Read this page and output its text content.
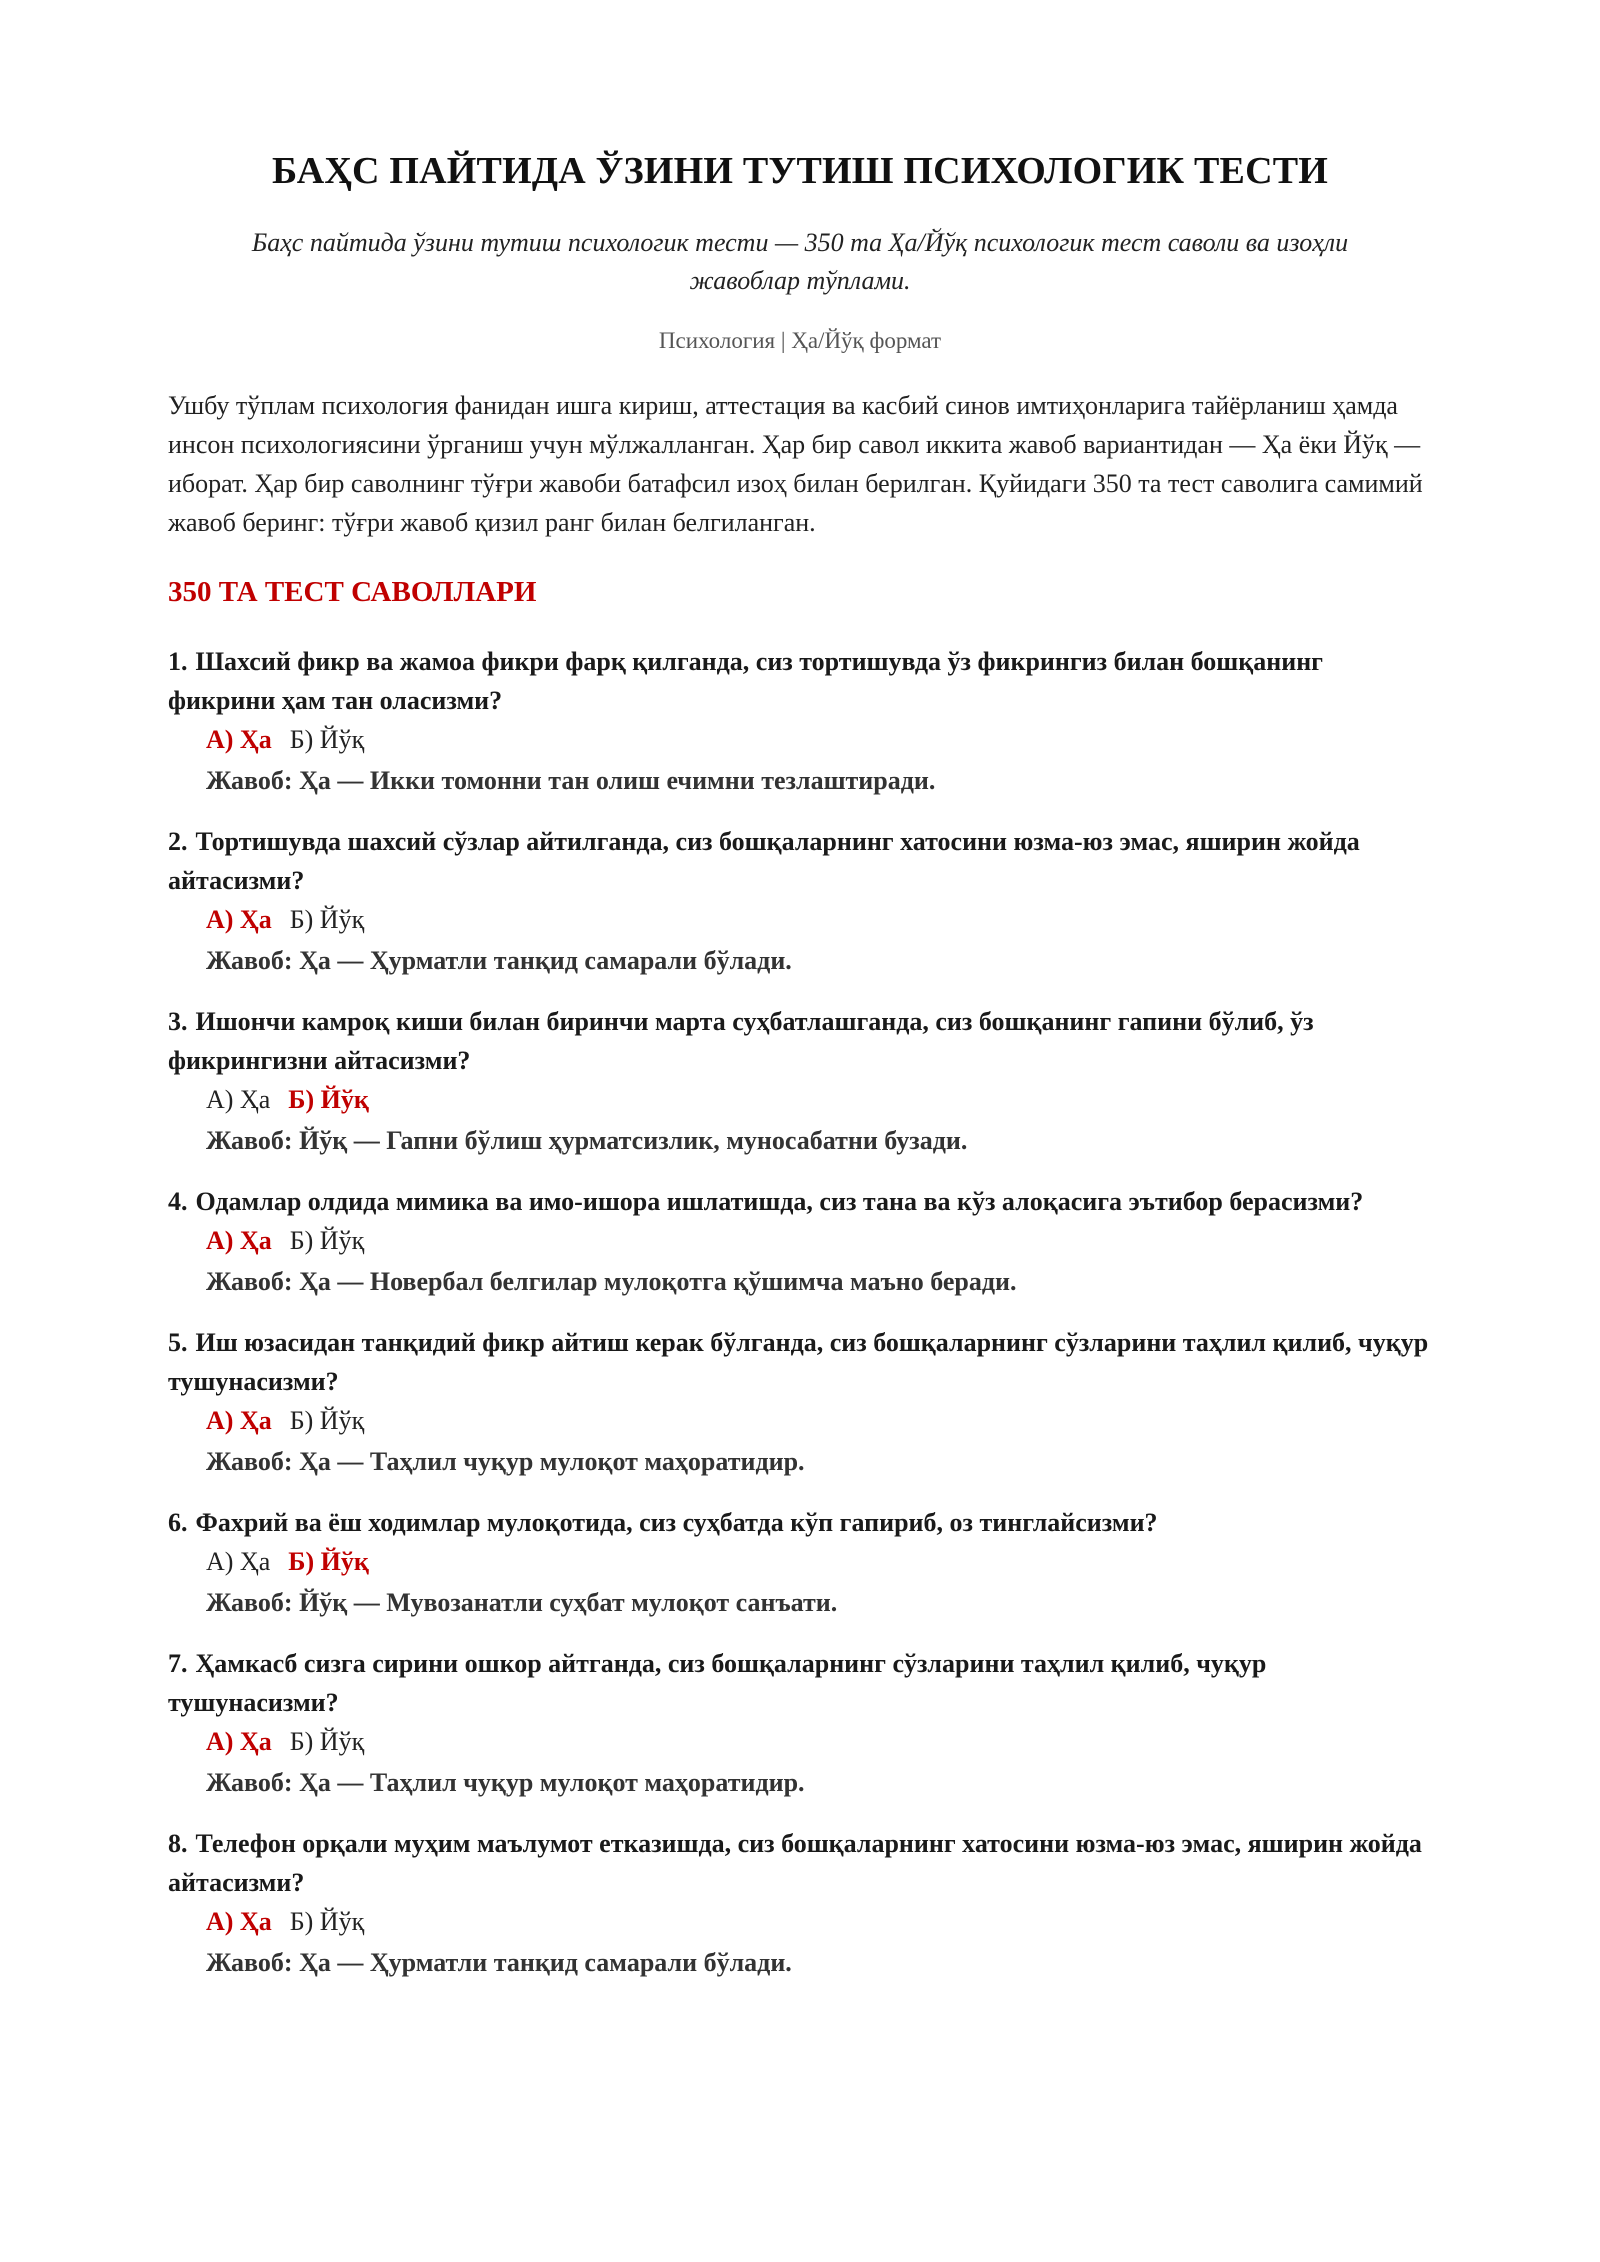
БАҲС ПАЙТИДА ЎЗИНИ ТУТИШ ПСИХОЛОГИК ТЕСТИ

Баҳс пайтида ўзини тутиш психологик тести — 350 та Ҳа/Йўқ психологик тест саволи ва изоҳли жавоблар тўплами.

Психология | Ҳа/Йўқ формат

Ушбу тўплам психология фанидан ишга кириш, аттестация ва касбий синов имтиҳонларига тайёрланиш ҳамда инсон психологиясини ўрганиш учун мўлжалланган. Ҳар бир савол иккита жавоб вариантидан — Ҳа ёки Йўқ — иборат. Ҳар бир саволнинг тўғри жавоби батафсил изоҳ билан берилган. Қуйидаги 350 та тест саволига самимий жавоб беринг: тўғри жавоб қизил ранг билан белгиланган.

350 ТА ТЕСТ САВОЛЛАРИ
1. Шахсий фикр ва жамоа фикри фарқ қилганда, сиз тортишувда ўз фикрингиз билан бошқанинг фикрини ҳам тан оласизми?
А) Ҳа Б) Йўқ
Жавоб: Ҳа — Икки томонни тан олиш ечимни тезлаштиради.
2. Тортишувда шахсий сўзлар айтилганда, сиз бошқаларнинг хатосини юзма-юз эмас, яширин жойда айтасизми?
А) Ҳа Б) Йўқ
Жавоб: Ҳа — Ҳурматли танқид самарали бўлади.
3. Ишончи камроқ киши билан биринчи марта суҳбатлашганда, сиз бошқанинг гапини бўлиб, ўз фикрингизни айтасизми?
А) Ҳа Б) Йўқ
Жавоб: Йўқ — Гапни бўлиш ҳурматсизлик, муносабатни бузади.
4. Одамлар олдида мимика ва имо-ишора ишлатишда, сиз тана ва кўз алоқасига эътибор берасизми?
А) Ҳа Б) Йўқ
Жавоб: Ҳа — Новербал белгилар мулоқотга қўшимча маъно беради.
5. Иш юзасидан танқидий фикр айтиш керак бўлганда, сиз бошқаларнинг сўзларини таҳлил қилиб, чуқур тушунасизми?
А) Ҳа Б) Йўқ
Жавоб: Ҳа — Таҳлил чуқур мулоқот маҳоратидир.
6. Фахрий ва ёш ходимлар мулоқотида, сиз суҳбатда кўп гапириб, оз тинглайсизми?
А) Ҳа Б) Йўқ
Жавоб: Йўқ — Мувозанатли суҳбат мулоқот санъати.
7. Ҳамкасб сизга сирини ошкор айтганда, сиз бошқаларнинг сўзларини таҳлил қилиб, чуқур тушунасизми?
А) Ҳа Б) Йўқ
Жавоб: Ҳа — Таҳлил чуқур мулоқот маҳоратидир.
8. Телефон орқали муҳим маълумот етказишда, сиз бошқаларнинг хатосини юзма-юз эмас, яширин жойда айтасизми?
А) Ҳа Б) Йўқ
Жавоб: Ҳа — Ҳурматли танқид самарали бўлади.
